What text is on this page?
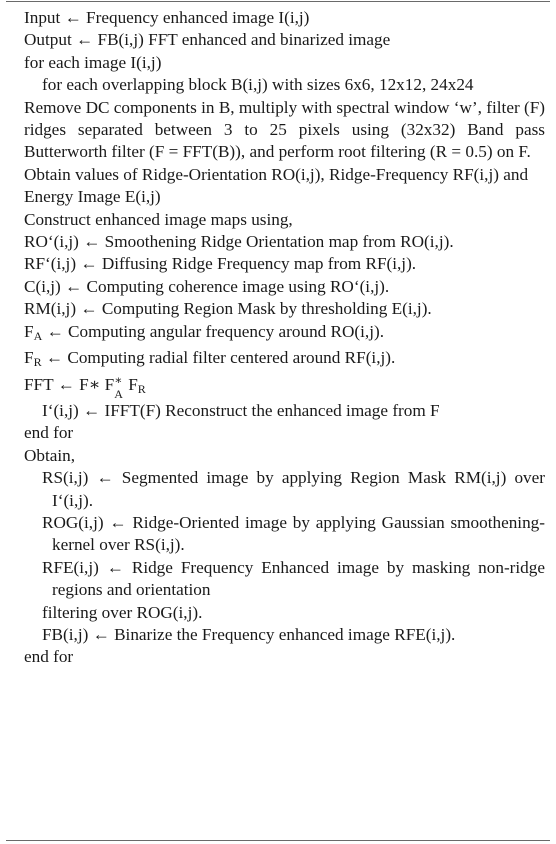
Input ← Frequency enhanced image I(i,j)
Output ← FB(i,j) FFT enhanced and binarized image
for each image I(i,j)
for each overlapping block B(i,j) with sizes 6x6, 12x12, 24x24
Remove DC components in B, multiply with spectral window ‘w’, filter (F) ridges separated between 3 to 25 pixels using (32x32) Band pass Butterworth filter (F = FFT(B)), and perform root filtering (R = 0.5) on F.
Obtain values of Ridge-Orientation RO(i,j), Ridge-Frequency RF(i,j) and Energy Image E(i,j)
Construct enhanced image maps using,
RO‘(i,j) ← Smoothening Ridge Orientation map from RO(i,j).
RF‘(i,j) ← Diffusing Ridge Frequency map from RF(i,j).
C(i,j) ← Computing coherence image using RO‘(i,j).
RM(i,j) ← Computing Region Mask by thresholding E(i,j).
FA ← Computing angular frequency around RO(i,j).
FR ← Computing radial filter centered around RF(i,j).
FFT ← F∗ F ∗
A FR
I‘(i,j) ← IFFT(F) Reconstruct the enhanced image from F
end for
Obtain,
RS(i,j) ← Segmented image by applying Region Mask RM(i,j) over I‘(i,j).
ROG(i,j) ← Ridge-Oriented image by applying Gaussian smoothening-kernel over RS(i,j).
RFE(i,j) ← Ridge Frequency Enhanced image by masking non-ridge regions and orientation
filtering over ROG(i,j).
FB(i,j) ← Binarize the Frequency enhanced image RFE(i,j).
end for
